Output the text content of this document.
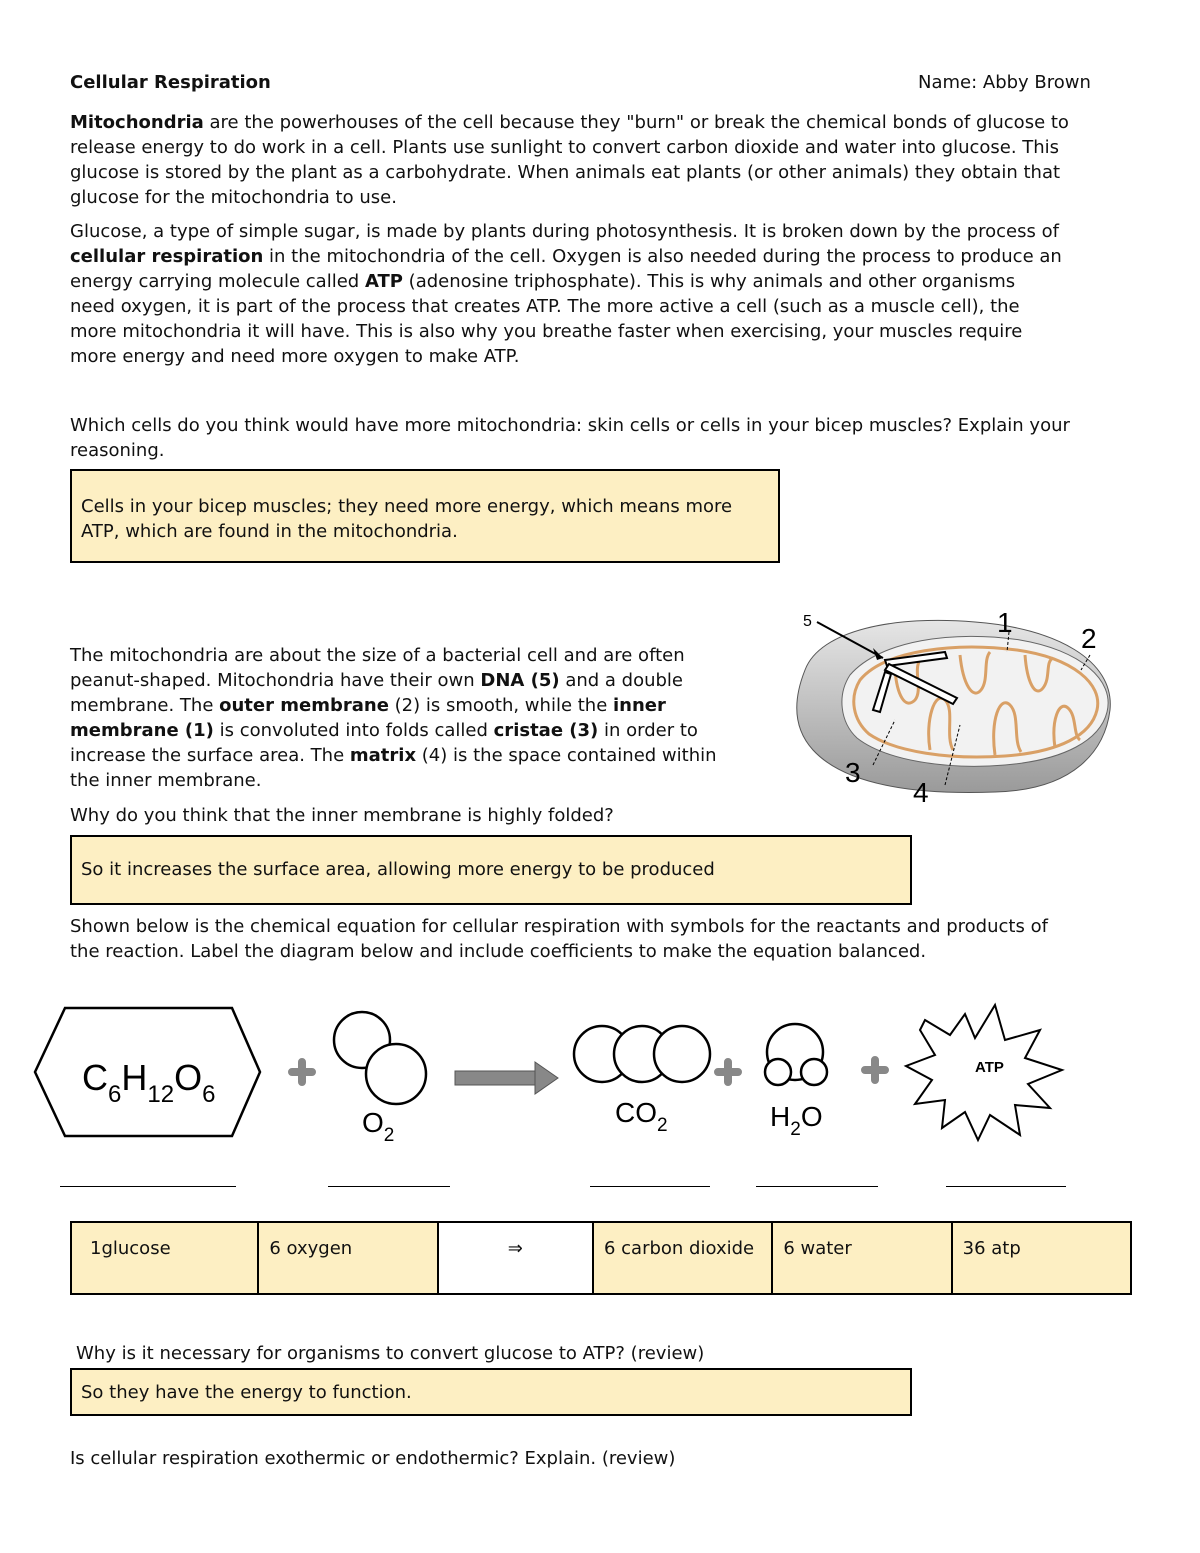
Cellular Respiration	Name: Abby Brown
Mitochondria are the powerhouses of the cell because they "burn" or break the chemical bonds of glucose to
release energy to do work in a cell. Plants use sunlight to convert carbon dioxide and water into glucose. This
glucose is stored by the plant as a carbohydrate. When animals eat plants (or other animals) they obtain that
glucose for the mitochondria to use.
Glucose, a type of simple sugar, is made by plants during photosynthesis. It is broken down by the process of
cellular respiration in the mitochondria of the cell. Oxygen is also needed during the process to produce an
energy carrying molecule called ATP (adenosine triphosphate). This is why animals and other organisms
need oxygen, it is part of the process that creates ATP. The more active a cell (such as a muscle cell), the
more mitochondria it will have. This is also why you breathe faster when exercising, your muscles require
more energy and need more oxygen to make ATP.
Which cells do you think would have more mitochondria: skin cells or cells in your bicep muscles? Explain your
reasoning.
Cells in your bicep muscles; they need more energy, which means more
ATP, which are found in the mitochondria.
The mitochondria are about the size of a bacterial cell and are often
peanut-shaped. Mitochondria have their own DNA (5) and a double
membrane. The outer membrane (2) is smooth, while the inner
membrane (1) is convoluted into folds called cristae (3) in order to
increase the surface area. The matrix (4) is the space contained within
the inner membrane.
5	1
2
3
4
Why do you think that the inner membrane is highly folded?
So it increases the surface area, allowing more energy to be produced
Shown below is the chemical equation for cellular respiration with symbols for the reactants and products of
the reaction. Label the diagram below and include coefficients to make the equation balanced.
$C_6H_{12}O_6$
$O_2$
$CO_2$	$H_2O$
ATP
1glucose	6 oxygen	⇒	6 carbon dioxide	6 water	36 atp
Why is it necessary for organisms to convert glucose to ATP? (review)
So they have the energy to function.
Is cellular respiration exothermic or endothermic? Explain. (review)
